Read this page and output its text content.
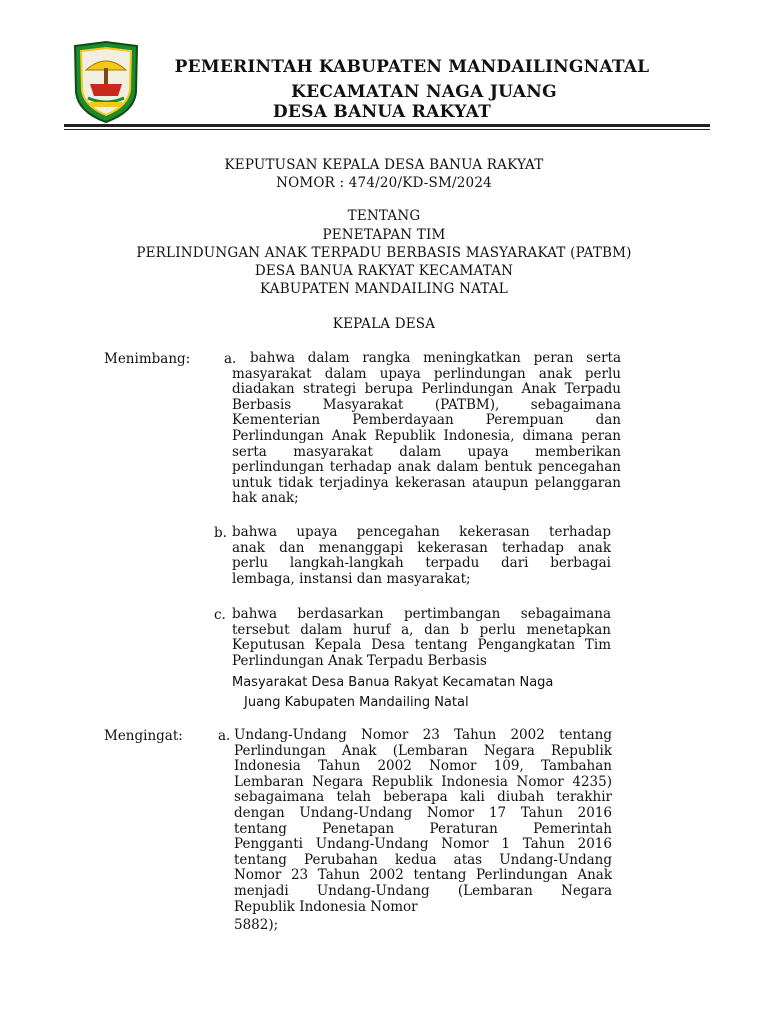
PEMERINTAH KABUPATEN MANDAILINGNATAL
KECAMATAN NAGA JUANG
DESA BANUA RAKYAT
KEPUTUSAN KEPALA DESA BANUA RAKYAT
NOMOR : 474/20/KD-SM/2024
TENTANG
PENETAPAN TIM
PERLINDUNGAN ANAK TERPADU BERBASIS MASYARAKAT (PATBM)
DESA BANUA RAKYAT KECAMATAN
KABUPATEN MANDAILING NATAL
KEPALA DESA
Menimbang:	a.	bahwa dalam rangka meningkatkan peran serta
masyarakat dalam upaya perlindungan anak perlu
diadakan strategi berupa Perlindungan Anak Terpadu
Berbasis Masyarakat (PATBM), sebagaimana
Kementerian Pemberdayaan Perempuan dan
Perlindungan Anak Republik Indonesia, dimana peran
serta masyarakat dalam upaya memberikan
perlindungan terhadap anak dalam bentuk pencegahan
untuk tidak terjadinya kekerasan ataupun pelanggaran
hak anak;
b. bahwa upaya pencegahan kekerasan terhadap
anak dan menanggapi kekerasan terhadap anak
perlu langkah-langkah terpadu dari berbagai
lembaga, instansi dan masyarakat;
c. bahwa berdasarkan pertimbangan sebagaimana
tersebut dalam huruf a, dan b perlu menetapkan
Keputusan Kepala Desa tentang Pengangkatan Tim
Perlindungan Anak Terpadu Berbasis
Masyarakat Desa Banua Rakyat Kecamatan Naga
Juang Kabupaten Mandailing Natal
Mengingat:	a. Undang-Undang Nomor 23 Tahun 2002 tentang
Perlindungan Anak (Lembaran Negara Republik
Indonesia Tahun 2002 Nomor 109, Tambahan
Lembaran Negara Republik Indonesia Nomor 4235)
sebagaimana telah beberapa kali diubah terakhir
dengan Undang-Undang Nomor 17 Tahun 2016
tentang Penetapan Peraturan Pemerintah
Pengganti Undang-Undang Nomor 1 Tahun 2016
tentang Perubahan kedua atas Undang-Undang
Nomor 23 Tahun 2002 tentang Perlindungan Anak
menjadi Undang-Undang (Lembaran Negara
Republik Indonesia Nomor
5882);
